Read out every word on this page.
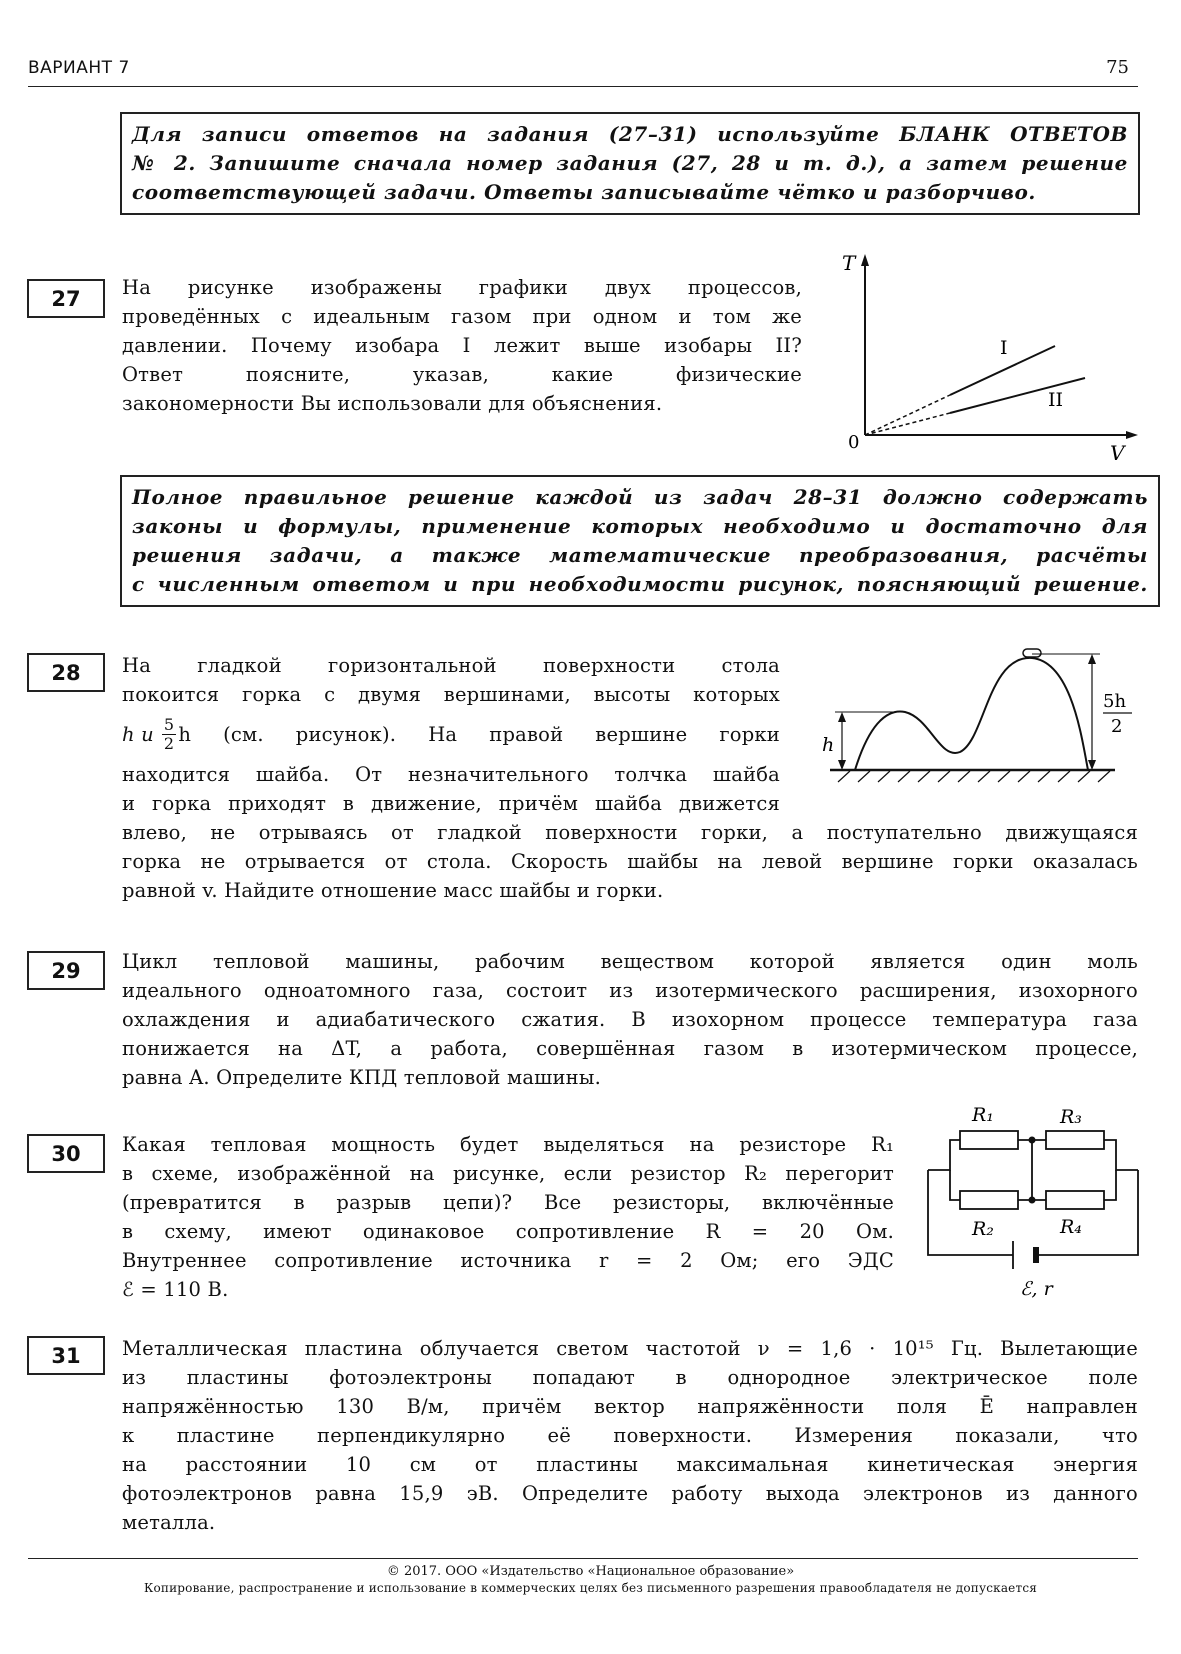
ВАРИАНТ 7	75
Для записи ответов на задания (27–31) используйте БЛАНК ОТВЕТОВ
№ 2. Запишите сначала номер задания (27, 28 и т. д.), а затем решение
соответствующей задачи. Ответы записывайте чётко и разборчиво.
27	На рисунке изображены графики двух процессов,
проведённых с идеальным газом при одном и том же
давлении. Почему изобара I лежит выше изобары II?
Ответ поясните, указав, какие физические
закономерности Вы использовали для объяснения.
T
V
0
I
II
Полное правильное решение каждой из задач 28–31 должно содержать
законы и формулы, применение которых необходимо и достаточно для
решения задачи, а также математические преобразования, расчёты
с численным ответом и при необходимости рисунок, поясняющий решение.
28	На гладкой горизонтальной поверхности стола
покоится горка с двумя вершинами, высоты которых
h и $\frac{5}{2}$ h (см. рисунок). На правой вершине горки
находится шайба. От незначительного толчка шайба
и горка приходят в движение, причём шайба движется
влево, не отрываясь от гладкой поверхности горки, а поступательно движущаяся
горка не отрывается от стола. Скорость шайбы на левой вершине горки оказалась
равной v. Найдите отношение масс шайбы и горки.
h
5h
2
29	Цикл тепловой машины, рабочим веществом которой является один моль
идеального одноатомного газа, состоит из изотермического расширения, изохорного
охлаждения и адиабатического сжатия. В изохорном процессе температура газа
понижается на ΔT, а работа, совершённая газом в изотермическом процессе,
равна A. Определите КПД тепловой машины.
30	Какая тепловая мощность будет выделяться на резисторе R₁
в схеме, изображённой на рисунке, если резистор R₂ перегорит
(превратится в разрыв цепи)? Все резисторы, включённые
в схему, имеют одинаковое сопротивление R = 20 Ом.
Внутреннее сопротивление источника r = 2 Ом; его ЭДС
ℰ = 110 В.
R₁	R₃
R₂	R₄
ℰ, r
31	Металлическая пластина облучается светом частотой ν = 1,6 · 10¹⁵ Гц. Вылетающие
из пластины фотоэлектроны попадают в однородное электрическое поле
напряжённостью 130 В/м, причём вектор напряжённости поля Ē направлен
к пластине перпендикулярно её поверхности. Измерения показали, что
на расстоянии 10 см от пластины максимальная кинетическая энергия
фотоэлектронов равна 15,9 эВ. Определите работу выхода электронов из данного
металла.
© 2017. ООО «Издательство «Национальное образование»
Копирование, распространение и использование в коммерческих целях без письменного разрешения правообладателя не допускается
